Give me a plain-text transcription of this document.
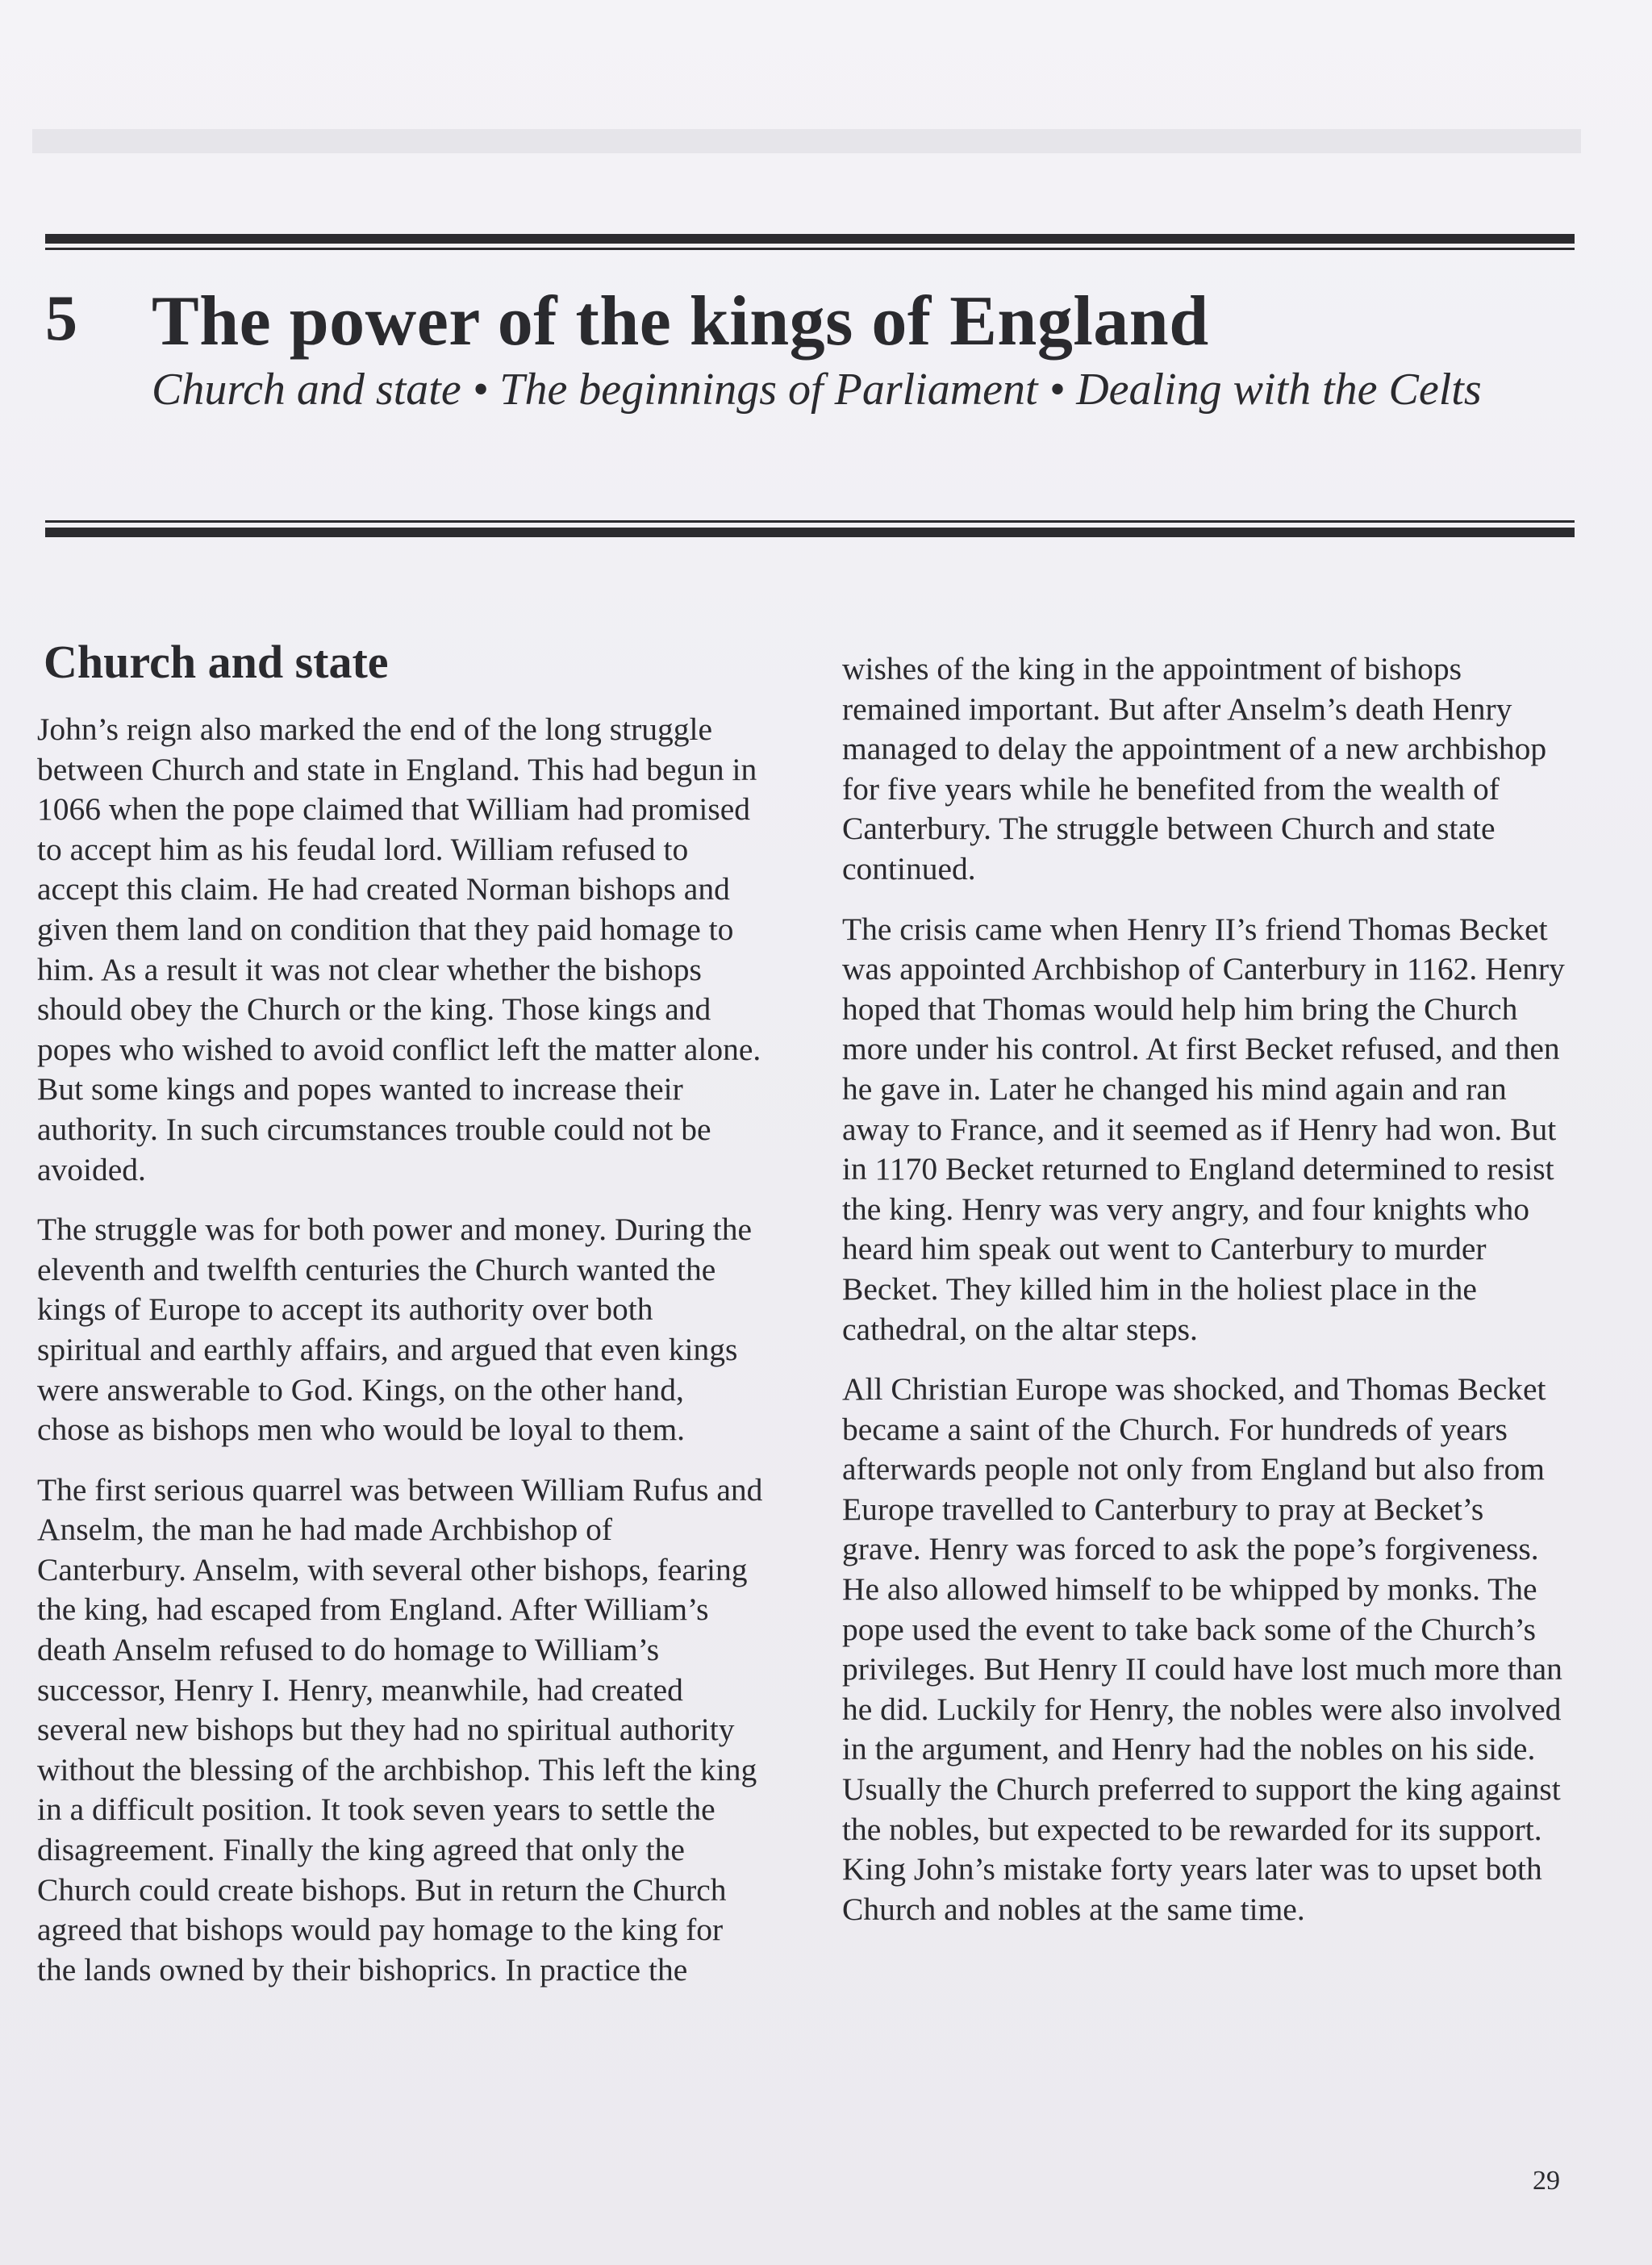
5 The power of the kings of England
Church and state • The beginnings of Parliament • Dealing with the Celts
Church and state

John’s reign also marked the end of the long struggle between Church and state in England. This had begun in 1066 when the pope claimed that William had promised to accept him as his feudal lord. William refused to accept this claim. He had created Norman bishops and given them land on condition that they paid homage to him. As a result it was not clear whether the bishops should obey the Church or the king. Those kings and popes who wished to avoid conflict left the matter alone. But some kings and popes wanted to increase their authority. In such circumstances trouble could not be avoided.

The struggle was for both power and money. During the eleventh and twelfth centuries the Church wanted the kings of Europe to accept its authority over both spiritual and earthly affairs, and argued that even kings were answerable to God. Kings, on the other hand, chose as bishops men who would be loyal to them.

The first serious quarrel was between William Rufus and Anselm, the man he had made Archbishop of Canterbury. Anselm, with several other bishops, fearing the king, had escaped from England. After William’s death Anselm refused to do homage to William’s successor, Henry I. Henry, meanwhile, had created several new bishops but they had no spiritual authority without the blessing of the archbishop. This left the king in a difficult position. It took seven years to settle the disagreement. Finally the king agreed that only the Church could create bishops. But in return the Church agreed that bishops would pay homage to the king for the lands owned by their bishoprics. In practice the

wishes of the king in the appointment of bishops remained important. But after Anselm’s death Henry managed to delay the appointment of a new archbishop for five years while he benefited from the wealth of Canterbury. The struggle between Church and state continued.

The crisis came when Henry II’s friend Thomas Becket was appointed Archbishop of Canterbury in 1162. Henry hoped that Thomas would help him bring the Church more under his control. At first Becket refused, and then he gave in. Later he changed his mind again and ran away to France, and it seemed as if Henry had won. But in 1170 Becket returned to England determined to resist the king. Henry was very angry, and four knights who heard him speak out went to Canterbury to murder Becket. They killed him in the holiest place in the cathedral, on the altar steps.

All Christian Europe was shocked, and Thomas Becket became a saint of the Church. For hundreds of years afterwards people not only from England but also from Europe travelled to Canterbury to pray at Becket’s grave. Henry was forced to ask the pope’s forgiveness. He also allowed himself to be whipped by monks. The pope used the event to take back some of the Church’s privileges. But Henry II could have lost much more than he did. Luckily for Henry, the nobles were also involved in the argument, and Henry had the nobles on his side. Usually the Church preferred to support the king against the nobles, but expected to be rewarded for its support. King John’s mistake forty years later was to upset both Church and nobles at the same time.

29
